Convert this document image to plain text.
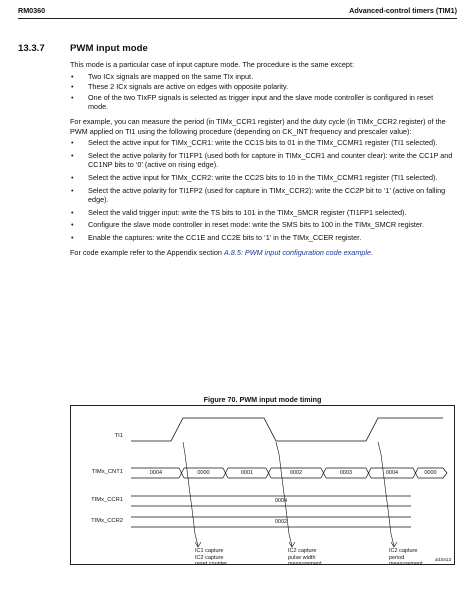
RM0360	Advanced-control timers (TIM1)
13.3.7	PWM input mode

This mode is a particular case of input capture mode. The procedure is the same except:

• Two ICx signals are mapped on the same TIx input.
• These 2 ICx signals are active on edges with opposite polarity.
• One of the two TIxFP signals is selected as trigger input and the slave mode controller is configured in reset mode.

For example, you can measure the period (in TIMx_CCR1 register) and the duty cycle (in TIMx_CCR2 register) of the PWM applied on TI1 using the following procedure (depending on CK_INT frequency and prescaler value):

• Select the active input for TIMx_CCR1: write the CC1S bits to 01 in the TIMx_CCMR1 register (TI1 selected).
• Select the active polarity for TI1FP1 (used both for capture in TIMx_CCR1 and counter clear): write the CC1P and CC1NP bits to ‘0’ (active on rising edge).
• Select the active input for TIMx_CCR2: write the CC2S bits to 10 in the TIMx_CCMR1 register (TI1 selected).
• Select the active polarity for TI1FP2 (used for capture in TIMx_CCR2): write the CC2P bit to ‘1’ (active on falling edge).
• Select the valid trigger input: write the TS bits to 101 in the TIMx_SMCR register (TI1FP1 selected).
• Configure the slave mode controller in reset mode: write the SMS bits to 100 in the TIMx_SMCR register.
• Enable the captures: write the CC1E and CC2E bits to ‘1’ in the TIMx_CCER register.

For code example refer to the Appendix section A.8.5: PWM input configuration code example.

Figure 70. PWM input mode timing
TI1
TIMx_CNT1
TIMx_CCR1
TIMx_CCR2
0004	0000	0001	0002	0003	0004	0000
0004
0002
IC1 capture
IC2 capture
reset counter
IC2 capture
pulse width
measurement
IC2 capture
period
measurement
ai15413
